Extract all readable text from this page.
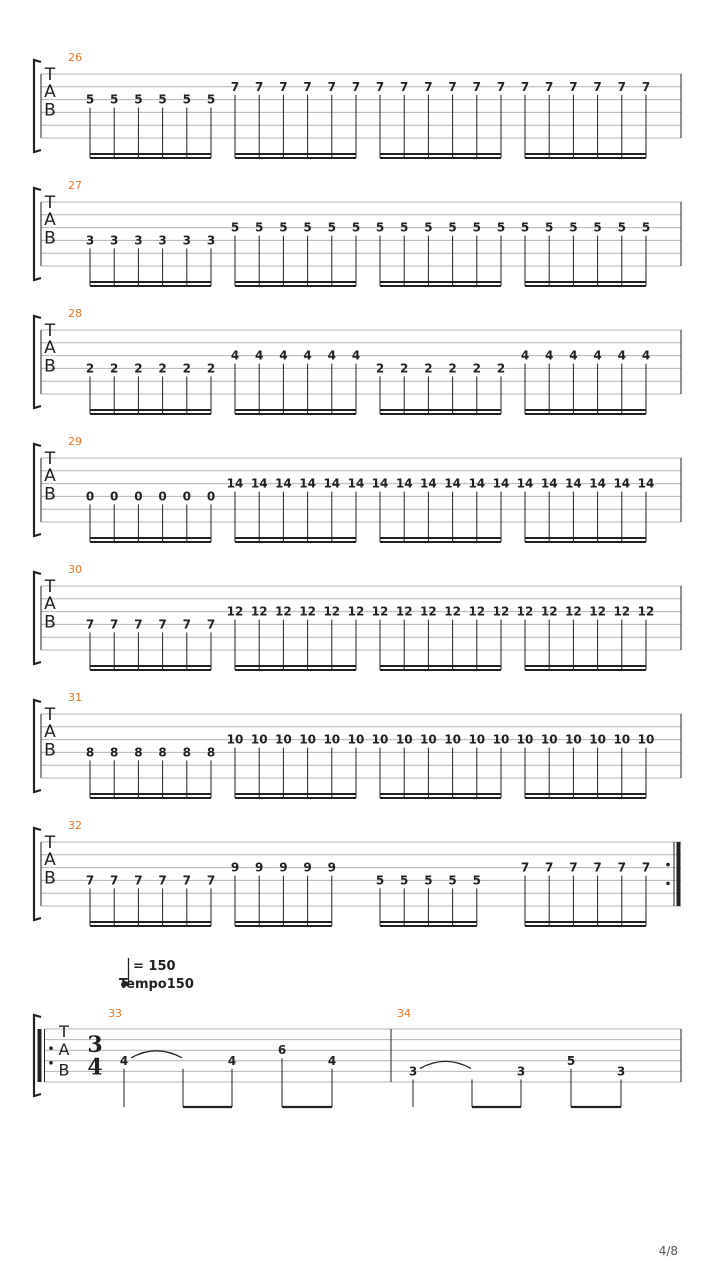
T
A
B
26
5 5 5 5 5 5
7 7 7 7 7 7 7 7 7 7 7 7 7 7 7 7 7 7
T
A
B
27
3 3 3 3 3 3
5 5 5 5 5 5 5 5 5 5 5 5 5 5 5 5 5 5
T
A
B
28
2 2 2 2 2 2
4 4 4 4 4 4
2 2 2 2 2 2
4 4 4 4 4 4
T
A
B
29
0 0 0 0 0 0
14 14 14 14 14 14 14 14 14 14 14 14 14 14 14 14 14 14
T
A
B
30
7 7 7 7 7 7
12 12 12 12 12 12 12 12 12 12 12 12 12 12 12 12 12 12
T
A
B
31
8 8 8 8 8 8
10 10 10 10 10 10 10 10 10 10 10 10 10 10 10 10 10 10
T
A
B
32
7 7 7 7 7 7
9 9 9 9 9
5 5 5 5 5
7 7 7 7 7 7
T
A
B
3
4
33
4	4
6
4
34
3	3
5
3
= 150
Tempo150
4/8
